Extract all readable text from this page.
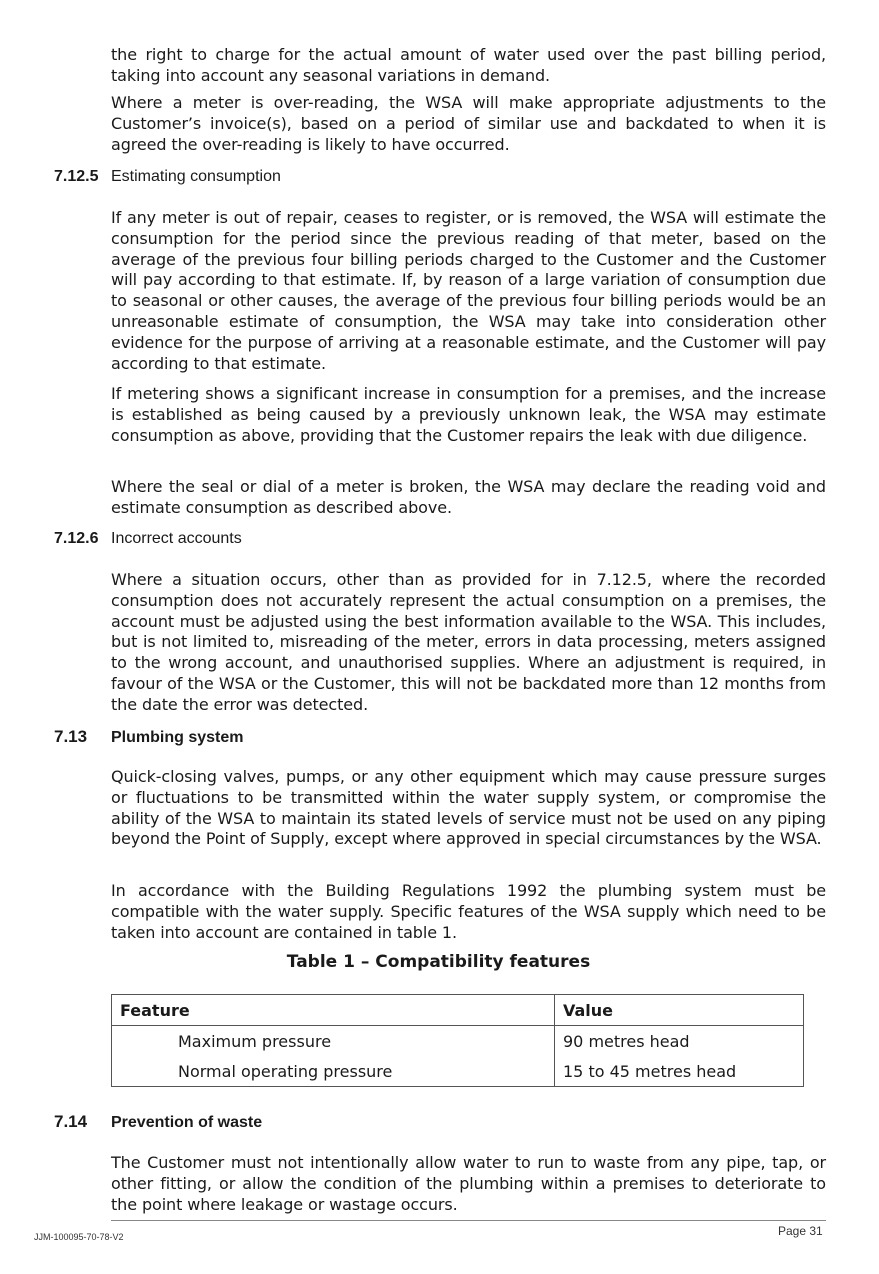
the right to charge for the actual amount of water used over the past billing period, taking into account any seasonal variations in demand.

Where a meter is over-reading, the WSA will make appropriate adjustments to the Customer’s invoice(s), based on a period of similar use and backdated to when it is agreed the over-reading is likely to have occurred.

7.12.5 Estimating consumption

If any meter is out of repair, ceases to register, or is removed, the WSA will estimate the consumption for the period since the previous reading of that meter, based on the average of the previous four billing periods charged to the Customer and the Customer will pay according to that estimate. If, by reason of a large variation of consumption due to seasonal or other causes, the average of the previous four billing periods would be an unreasonable estimate of consumption, the WSA may take into consideration other evidence for the purpose of arriving at a reasonable estimate, and the Customer will pay according to that estimate.

If metering shows a significant increase in consumption for a premises, and the increase is established as being caused by a previously unknown leak, the WSA may estimate consumption as above, providing that the Customer repairs the leak with due diligence.

Where the seal or dial of a meter is broken, the WSA may declare the reading void and estimate consumption as described above.

7.12.6 Incorrect accounts

Where a situation occurs, other than as provided for in 7.12.5, where the recorded consumption does not accurately represent the actual consumption on a premises, the account must be adjusted using the best information available to the WSA. This includes, but is not limited to, misreading of the meter, errors in data processing, meters assigned to the wrong account, and unauthorised supplies. Where an adjustment is required, in favour of the WSA or the Customer, this will not be backdated more than 12 months from the date the error was detected.

7.13 Plumbing system

Quick-closing valves, pumps, or any other equipment which may cause pressure surges or fluctuations to be transmitted within the water supply system, or compromise the ability of the WSA to maintain its stated levels of service must not be used on any piping beyond the Point of Supply, except where approved in special circumstances by the WSA.

In accordance with the Building Regulations 1992 the plumbing system must be compatible with the water supply. Specific features of the WSA supply which need to be taken into account are contained in table 1.

Table 1 – Compatibility features

Feature	Value
Maximum pressure	90 metres head
Normal operating pressure	15 to 45 metres head
7.14 Prevention of waste

The Customer must not intentionally allow water to run to waste from any pipe, tap, or other fitting, or allow the condition of the plumbing within a premises to deteriorate to the point where leakage or wastage occurs.

JJM-100095-70-78-V2	Page 31
